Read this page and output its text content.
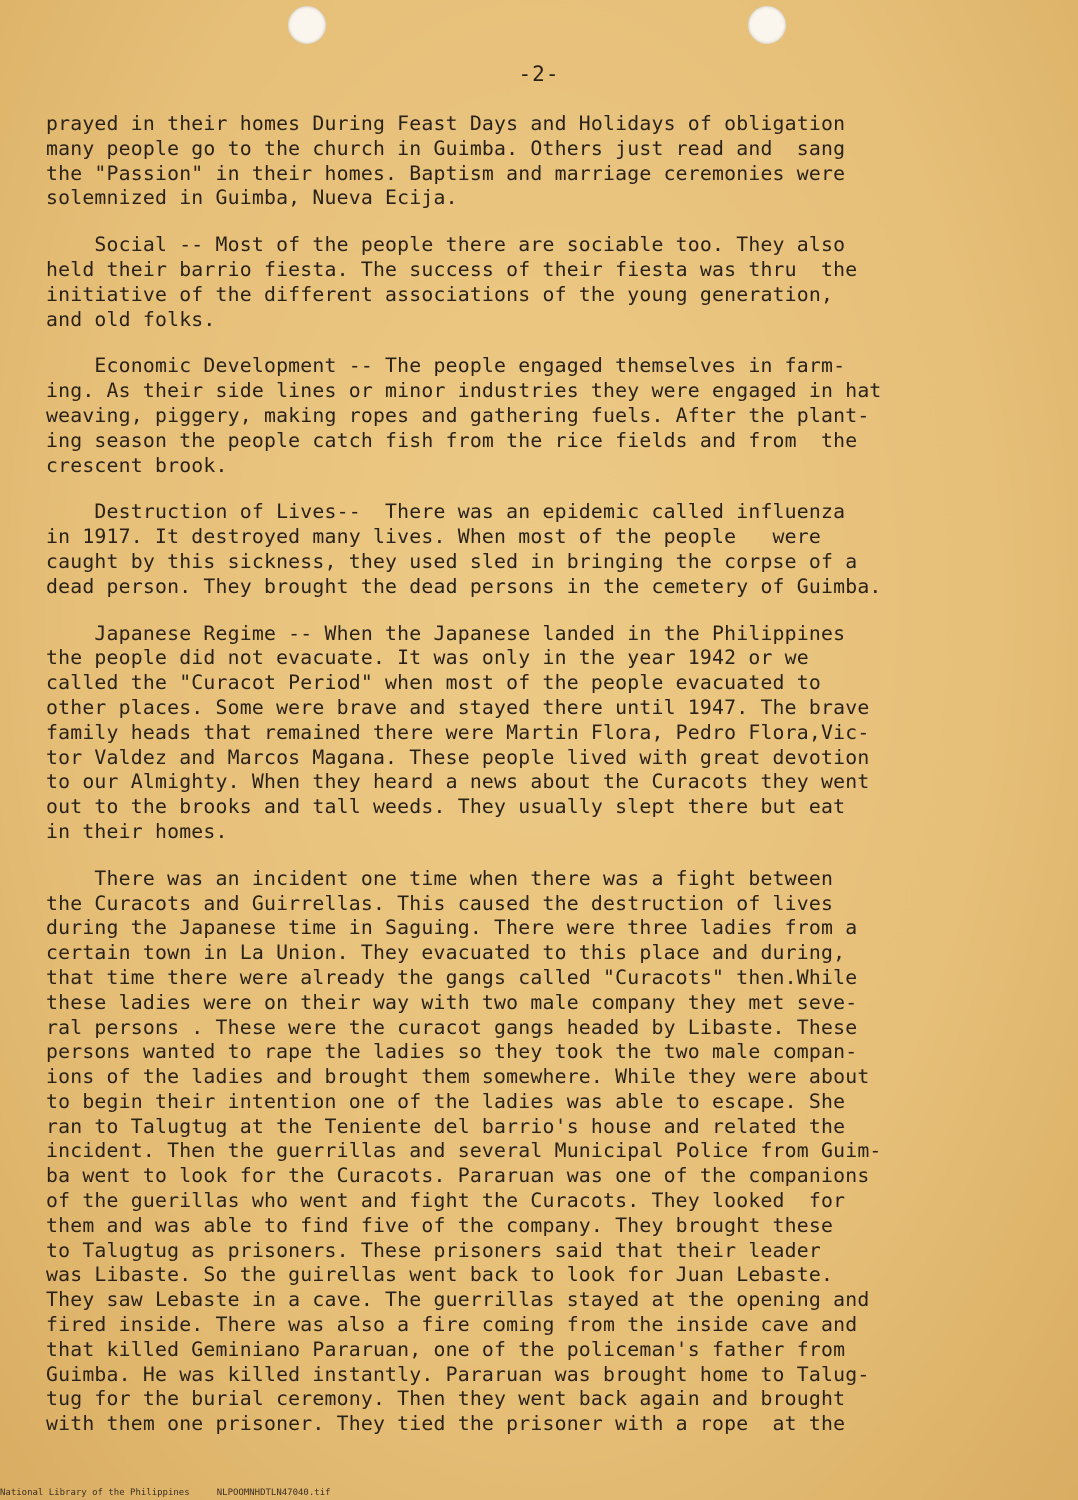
-2-
prayed in their homes During Feast Days and Holidays of obligation
many people go to the church in Guimba. Others just read and  sang
the "Passion" in their homes. Baptism and marriage ceremonies were
solemnized in Guimba, Nueva Ecija.
Social -- Most of the people there are sociable too. They also
held their barrio fiesta. The success of their fiesta was thru  the
initiative of the different associations of the young generation,
and old folks.
Economic Development -- The people engaged themselves in farm-
ing. As their side lines or minor industries they were engaged in hat
weaving, piggery, making ropes and gathering fuels. After the plant-
ing season the people catch fish from the rice fields and from  the
crescent brook.
Destruction of Lives--  There was an epidemic called influenza
in 1917. It destroyed many lives. When most of the people   were
caught by this sickness, they used sled in bringing the corpse of a
dead person. They brought the dead persons in the cemetery of Guimba.
Japanese Regime -- When the Japanese landed in the Philippines
the people did not evacuate. It was only in the year 1942 or we
called the "Curacot Period" when most of the people evacuated to
other places. Some were brave and stayed there until 1947. The brave
family heads that remained there were Martin Flora, Pedro Flora,Vic-
tor Valdez and Marcos Magana. These people lived with great devotion
to our Almighty. When they heard a news about the Curacots they went
out to the brooks and tall weeds. They usually slept there but eat
in their homes.
There was an incident one time when there was a fight between
the Curacots and Guirrellas. This caused the destruction of lives
during the Japanese time in Saguing. There were three ladies from a
certain town in La Union. They evacuated to this place and during,
that time there were already the gangs called "Curacots" then.While
these ladies were on their way with two male company they met seve-
ral persons . These were the curacot gangs headed by Libaste. These
persons wanted to rape the ladies so they took the two male compan-
ions of the ladies and brought them somewhere. While they were about
to begin their intention one of the ladies was able to escape. She
ran to Talugtug at the Teniente del barrio's house and related the
incident. Then the guerrillas and several Municipal Police from Guim-
ba went to look for the Curacots. Pararuan was one of the companions
of the guerillas who went and fight the Curacots. They looked  for
them and was able to find five of the company. They brought these
to Talugtug as prisoners. These prisoners said that their leader
was Libaste. So the guirellas went back to look for Juan Lebaste.
They saw Lebaste in a cave. The guerrillas stayed at the opening and
fired inside. There was also a fire coming from the inside cave and
that killed Geminiano Pararuan, one of the policeman's father from
Guimba. He was killed instantly. Pararuan was brought home to Talug-
tug for the burial ceremony. Then they went back again and brought
with them one prisoner. They tied the prisoner with a rope  at the
National Library of the Philippines     NLPOOMNHDTLN47040.tif
